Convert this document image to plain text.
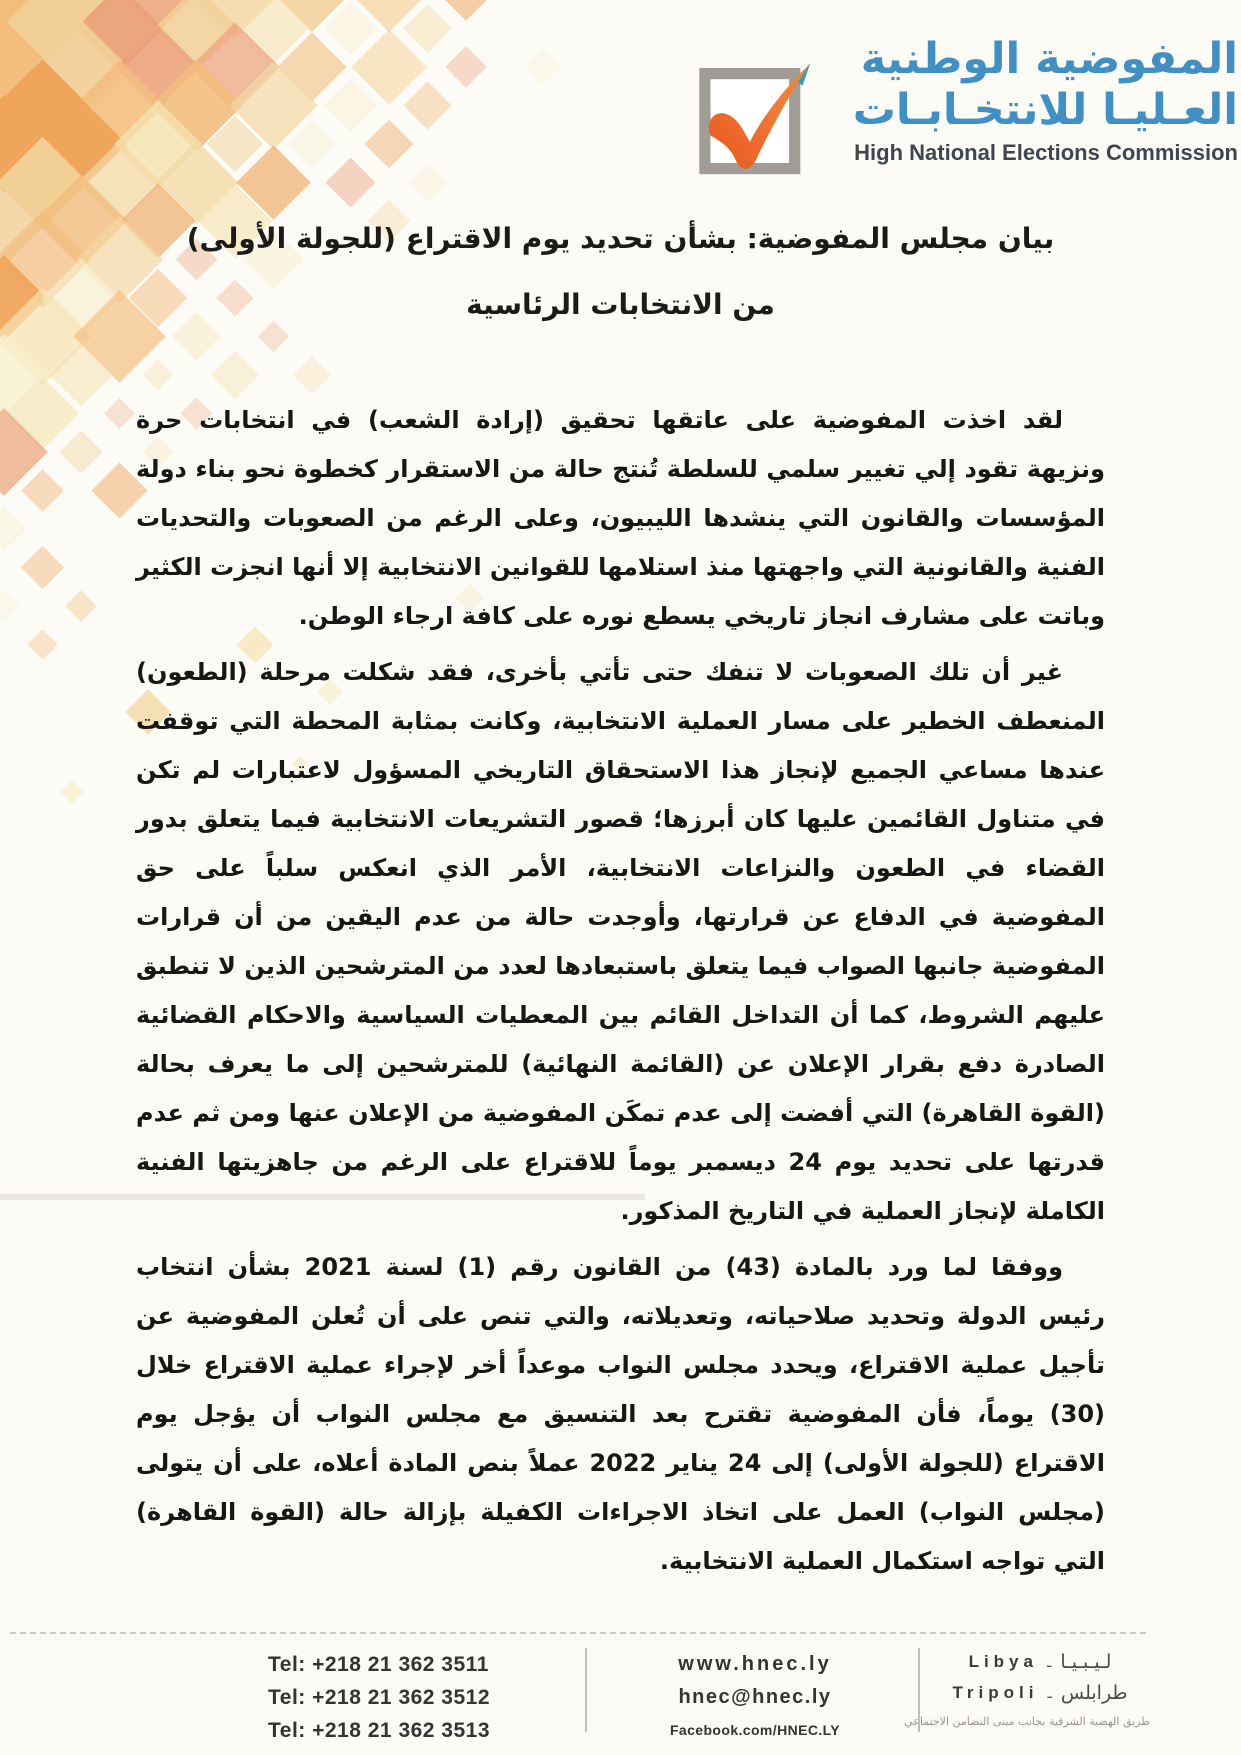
المفوضية الوطنية
العـليـا للانتخـابـات
High National Elections Commission
بيان مجلس المفوضية: بشأن تحديد يوم الاقتراع (للجولة الأولى)
من الانتخابات الرئاسية

لقد اخذت المفوضية على عاتقها تحقيق (إرادة الشعب) في انتخابات حرة ونزيهة تقود إلي تغيير سلمي للسلطة تُنتج حالة من الاستقرار كخطوة نحو بناء دولة المؤسسات والقانون التي ينشدها الليبيون، وعلى الرغم من الصعوبات والتحديات الفنية والقانونية التي واجهتها منذ استلامها للقوانين الانتخابية إلا أنها انجزت الكثير وباتت على مشارف انجاز تاريخي يسطع نوره على كافة ارجاء الوطن.

غير أن تلك الصعوبات لا تنفك حتى تأتي بأخرى، فقد شكلت مرحلة (الطعون) المنعطف الخطير على مسار العملية الانتخابية، وكانت بمثابة المحطة التي توقفت عندها مساعي الجميع لإنجاز هذا الاستحقاق التاريخي المسؤول لاعتبارات لم تكن في متناول القائمين عليها كان أبرزها؛ قصور التشريعات الانتخابية فيما يتعلق بدور القضاء في الطعون والنزاعات الانتخابية، الأمر الذي انعكس سلباً على حق المفوضية في الدفاع عن قرارتها، وأوجدت حالة من عدم اليقين من أن قرارات المفوضية جانبها الصواب فيما يتعلق باستبعادها لعدد من المترشحين الذين لا تنطبق عليهم الشروط، كما أن التداخل القائم بين المعطيات السياسية والاحكام القضائية الصادرة دفع بقرار الإعلان عن (القائمة النهائية) للمترشحين إلى ما يعرف بحالة (القوة القاهرة) التي أفضت إلى عدم تمكَن المفوضية من الإعلان عنها ومن ثم عدم قدرتها على تحديد يوم 24 ديسمبر يوماً للاقتراع على الرغم من جاهزيتها الفنية الكاملة لإنجاز العملية في التاريخ المذكور.

ووفقا لما ورد بالمادة (43) من القانون رقم (1) لسنة 2021 بشأن انتخاب رئيس الدولة وتحديد صلاحياته، وتعديلاته، والتي تنص على أن تُعلن المفوضية عن تأجيل عملية الاقتراع، ويحدد مجلس النواب موعداً أخر لإجراء عملية الاقتراع خلال (30) يوماً، فأن المفوضية تقترح بعد التنسيق مع مجلس النواب أن يؤجل يوم الاقتراع (للجولة الأولى) إلى 24 يناير 2022 عملاً بنص المادة أعلاه، على أن يتولى (مجلس النواب) العمل على اتخاذ الاجراءات الكفيلة بإزالة حالة (القوة القاهرة) التي تواجه استكمال العملية الانتخابية.

Tel: +218 21 362 3511
Tel: +218 21 362 3512
Tel: +218 21 362 3513
www.hnec.ly
hnec@hnec.ly
Facebook.com/HNEC.LY
Libya ـ لـيـبـيـا
Tripoli ـ طرابلس
طريق الهضبة الشرقية بجانب مبنى التضامن الاجتماعي
